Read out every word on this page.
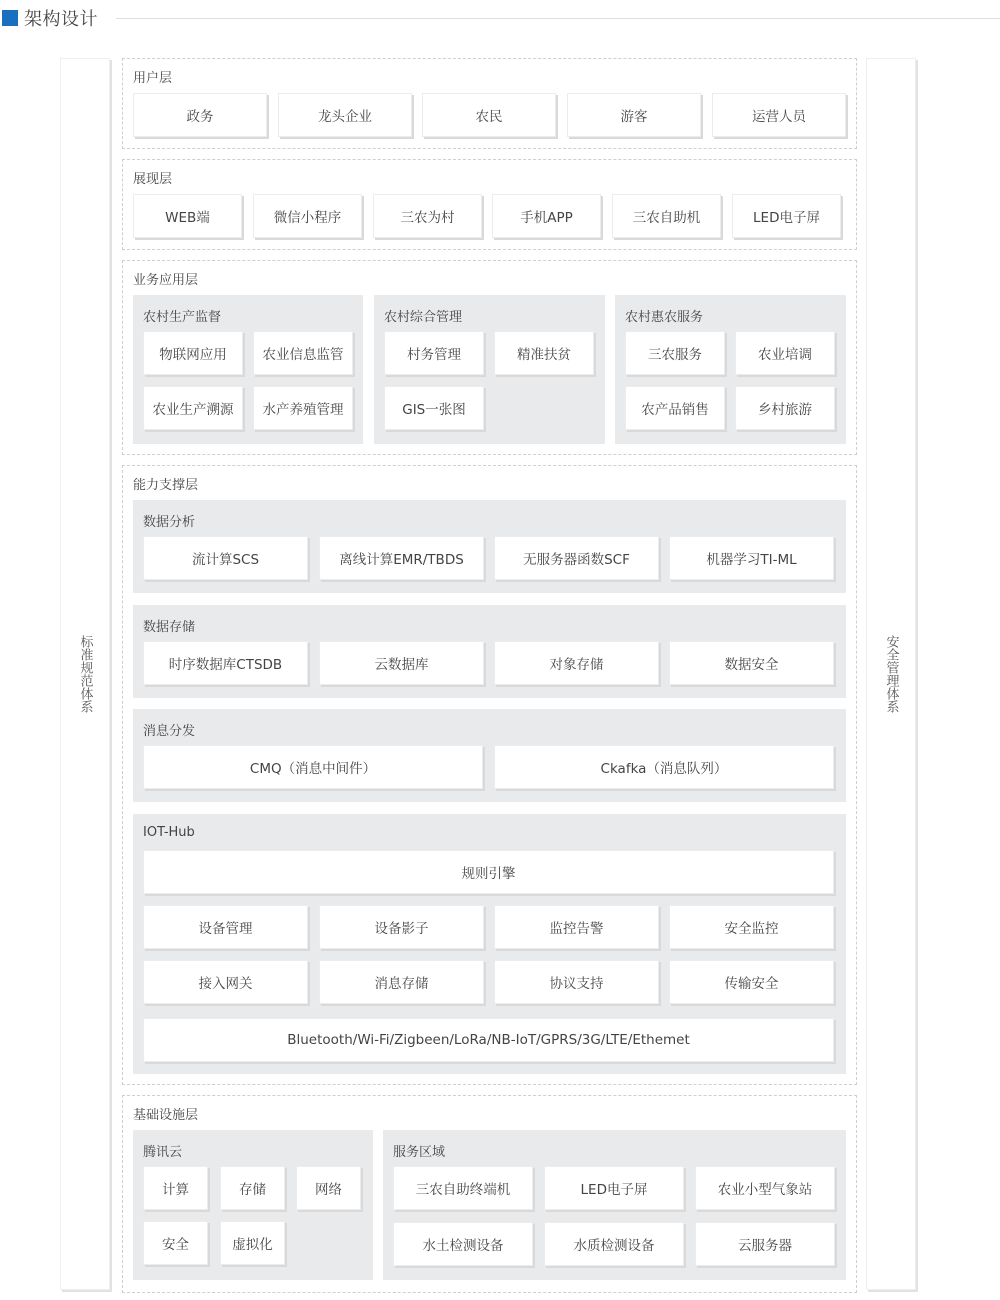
架构设计
标准规范体系	安全管理体系
用户层
政务	龙头企业	农民	游客	运营人员
展现层
WEB端	微信小程序	三农为村	手机APP	三农自助机	LED电子屏
业务应用层
农村生产监督
物联网应用	农业信息监管
农业生产溯源	水产养殖管理
农村综合管理
村务管理	精准扶贫
GIS一张图
农村惠农服务
三农服务	农业培调
农产品销售	乡村旅游
能力支撑层
数据分析
流计算SCS	离线计算EMR/TBDS	无服务器函数SCF	机器学习TI-ML
数据存储
时序数据库CTSDB	云数据库	对象存储	数据安全
消息分发
CMQ（消息中间件）	Ckafka（消息队列）
IOT-Hub
规则引擎
设备管理	设备影子	监控告警	安全监控
接入网关	消息存储	协议支持	传输安全
Bluetooth/Wi-Fi/Zigbeen/LoRa/NB-IoT/GPRS/3G/LTE/Ethemet
基础设施层
腾讯云
计算	存储	网络
安全	虚拟化
服务区域
三农自助终端机	LED电子屏	农业小型气象站
水土检测设备	水质检测设备	云服务器
